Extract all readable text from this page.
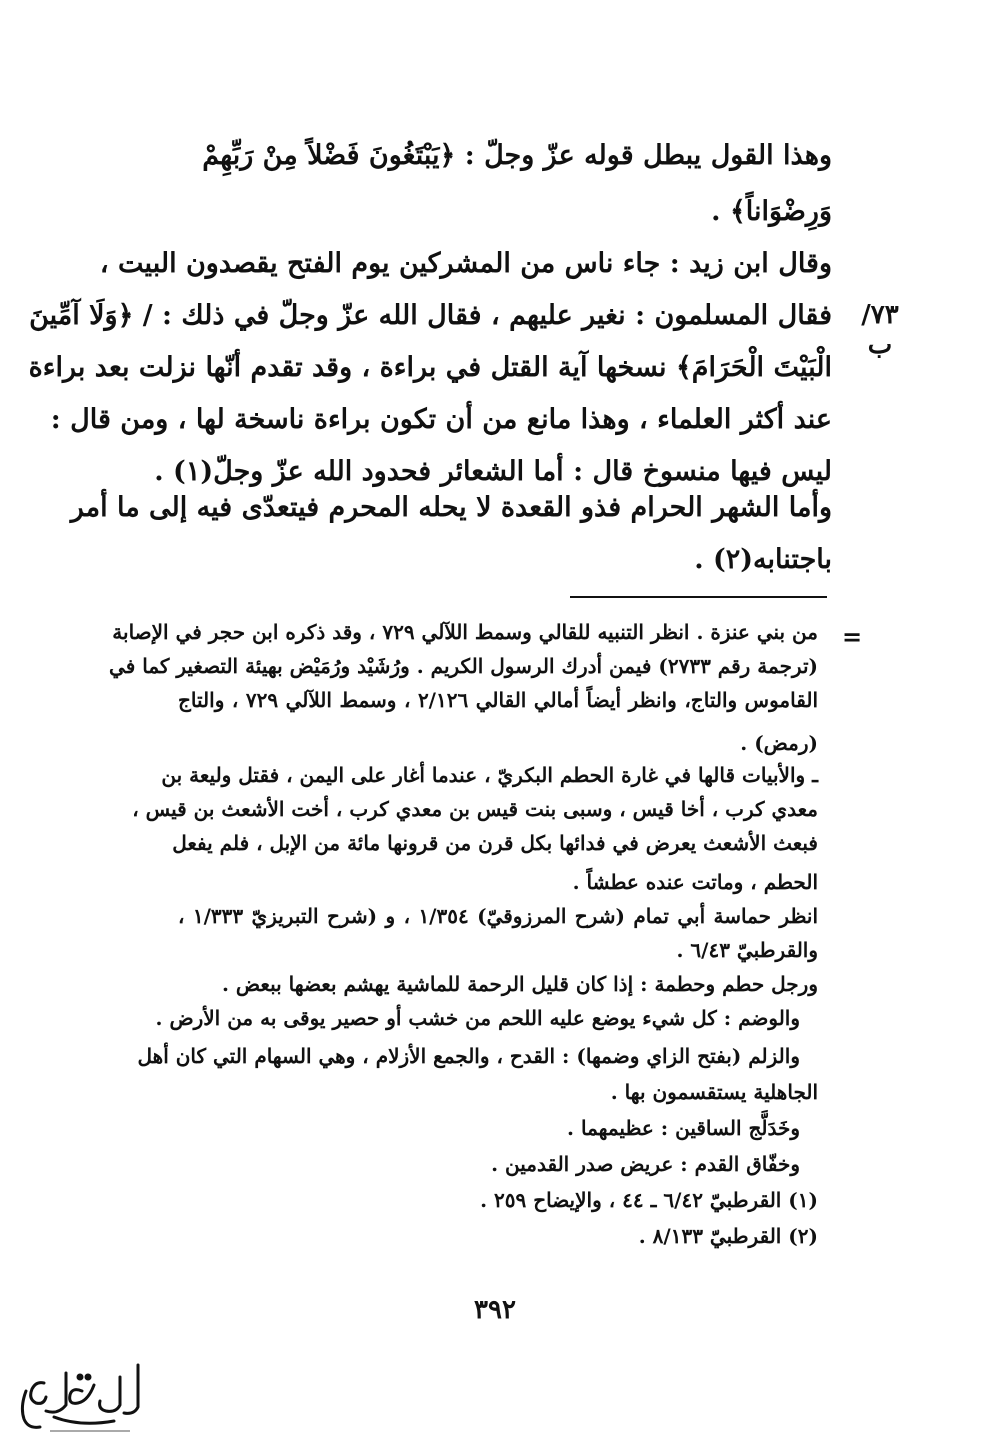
وهذا القول يبطل قوله عزّ وجلّ : ﴿يَبْتَغُونَ فَضْلاً مِنْ رَبِّهِمْ
وَرِضْوَاناً﴾ .
وقال ابن زيد : جاء ناس من المشركين يوم الفتح يقصدون البيت ،
فقال المسلمون : نغير عليهم ، فقال الله عزّ وجلّ في ذلك : / ﴿وَلَا آمِّينَ
الْبَيْتَ الْحَرَامَ﴾ نسخها آية القتل في براءة ، وقد تقدم أنّها نزلت بعد براءة
عند أكثر العلماء ، وهذا مانع من أن تكون براءة ناسخة لها ، ومن قال :
ليس فيها منسوخ قال : أما الشعائر فحدود الله عزّ وجلّ(١) .
وأما الشهر الحرام فذو القعدة لا يحله المحرم فيتعدّى فيه إلى ما أمر
باجتنابه(٢) .
٧٣/ب
=
من بني عنزة . انظر التنبيه للقالي وسمط اللآلي ٧٢٩ ، وقد ذكره ابن حجر في الإصابة
(ترجمة رقم ٢٧٣٣) فيمن أدرك الرسول الكريم . ورُشَيْد ورُمَيْض بهيئة التصغير كما في
القاموس والتاج، وانظر أيضاً أمالي القالي ٢/١٢٦ ، وسمط اللآلي ٧٢٩ ، والتاج
(رمض) .
ـ والأبيات قالها في غارة الحطم البكريّ ، عندما أغار على اليمن ، فقتل وليعة بن
معدي كرب ، أخا قيس ، وسبى بنت قيس بن معدي كرب ، أخت الأشعث بن قيس ،
فبعث الأشعث يعرض في فدائها بكل قرن من قرونها مائة من الإبل ، فلم يفعل
الحطم ، وماتت عنده عطشاً .
انظر حماسة أبي تمام (شرح المرزوقيّ) ١/٣٥٤ ، و (شرح التبريزيّ ١/٣٣٣ ،
والقرطبيّ ٦/٤٣ .
ورجل حطم وحطمة : إذا كان قليل الرحمة للماشية يهشم بعضها ببعض .
والوضم : كل شيء يوضع عليه اللحم من خشب أو حصير يوقى به من الأرض .
والزلم (بفتح الزاي وضمها) : القدح ، والجمع الأزلام ، وهي السهام التي كان أهل
الجاهلية يستقسمون بها .
وخَدَلَّج الساقين : عظيمهما .
وخفّاق القدم : عريض صدر القدمين .
(١) القرطبيّ ٦/٤٢ ـ ٤٤ ، والإيضاح ٢٥٩ .
(٢) القرطبيّ ٨/١٣٣ .
٣٩٢
